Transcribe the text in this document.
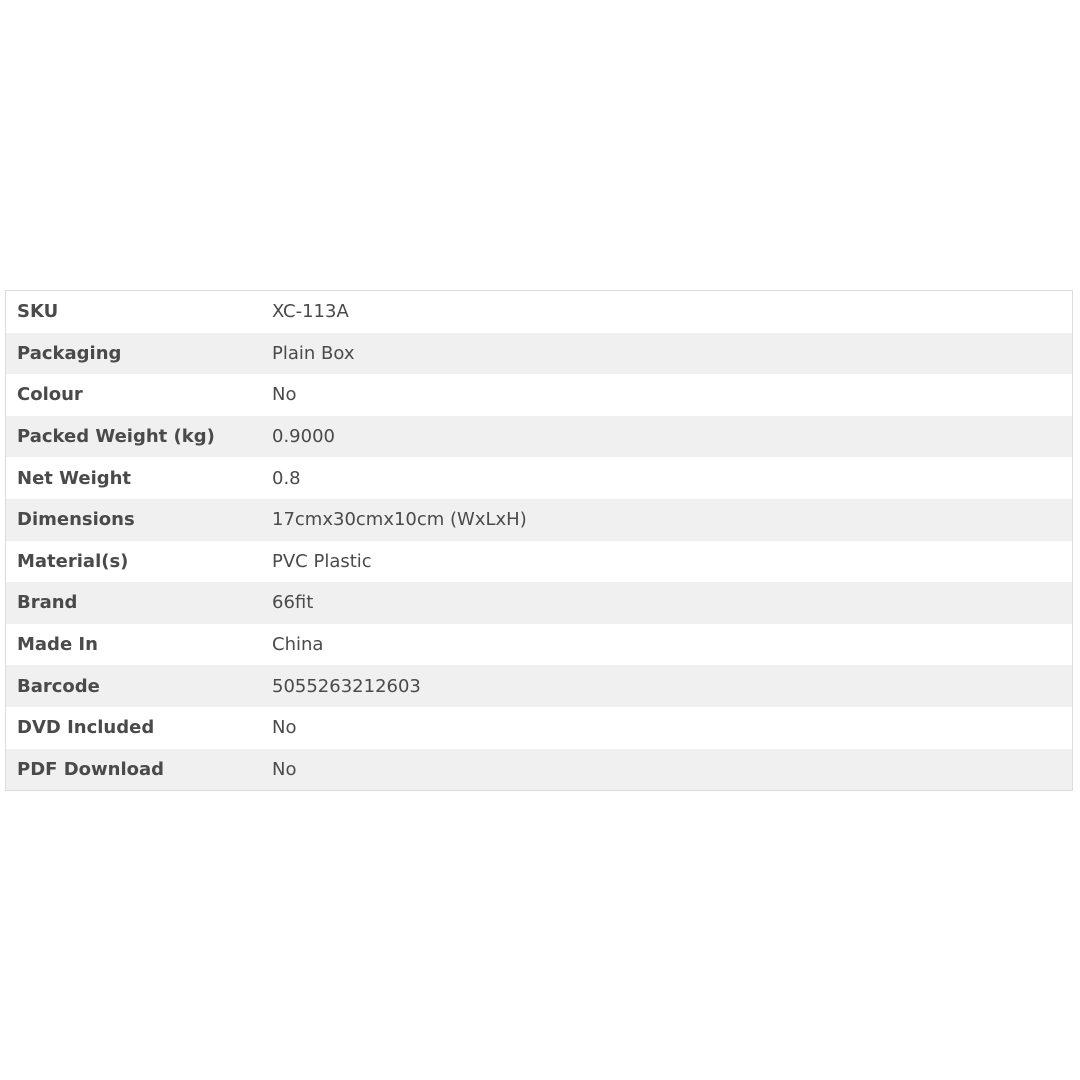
SKU	XC-113A
Packaging	Plain Box
Colour	No
Packed Weight (kg)	0.9000
Net Weight	0.8
Dimensions	17cmx30cmx10cm (WxLxH)
Material(s)	PVC Plastic
Brand	66fit
Made In	China
Barcode	5055263212603
DVD Included	No
PDF Download	No
